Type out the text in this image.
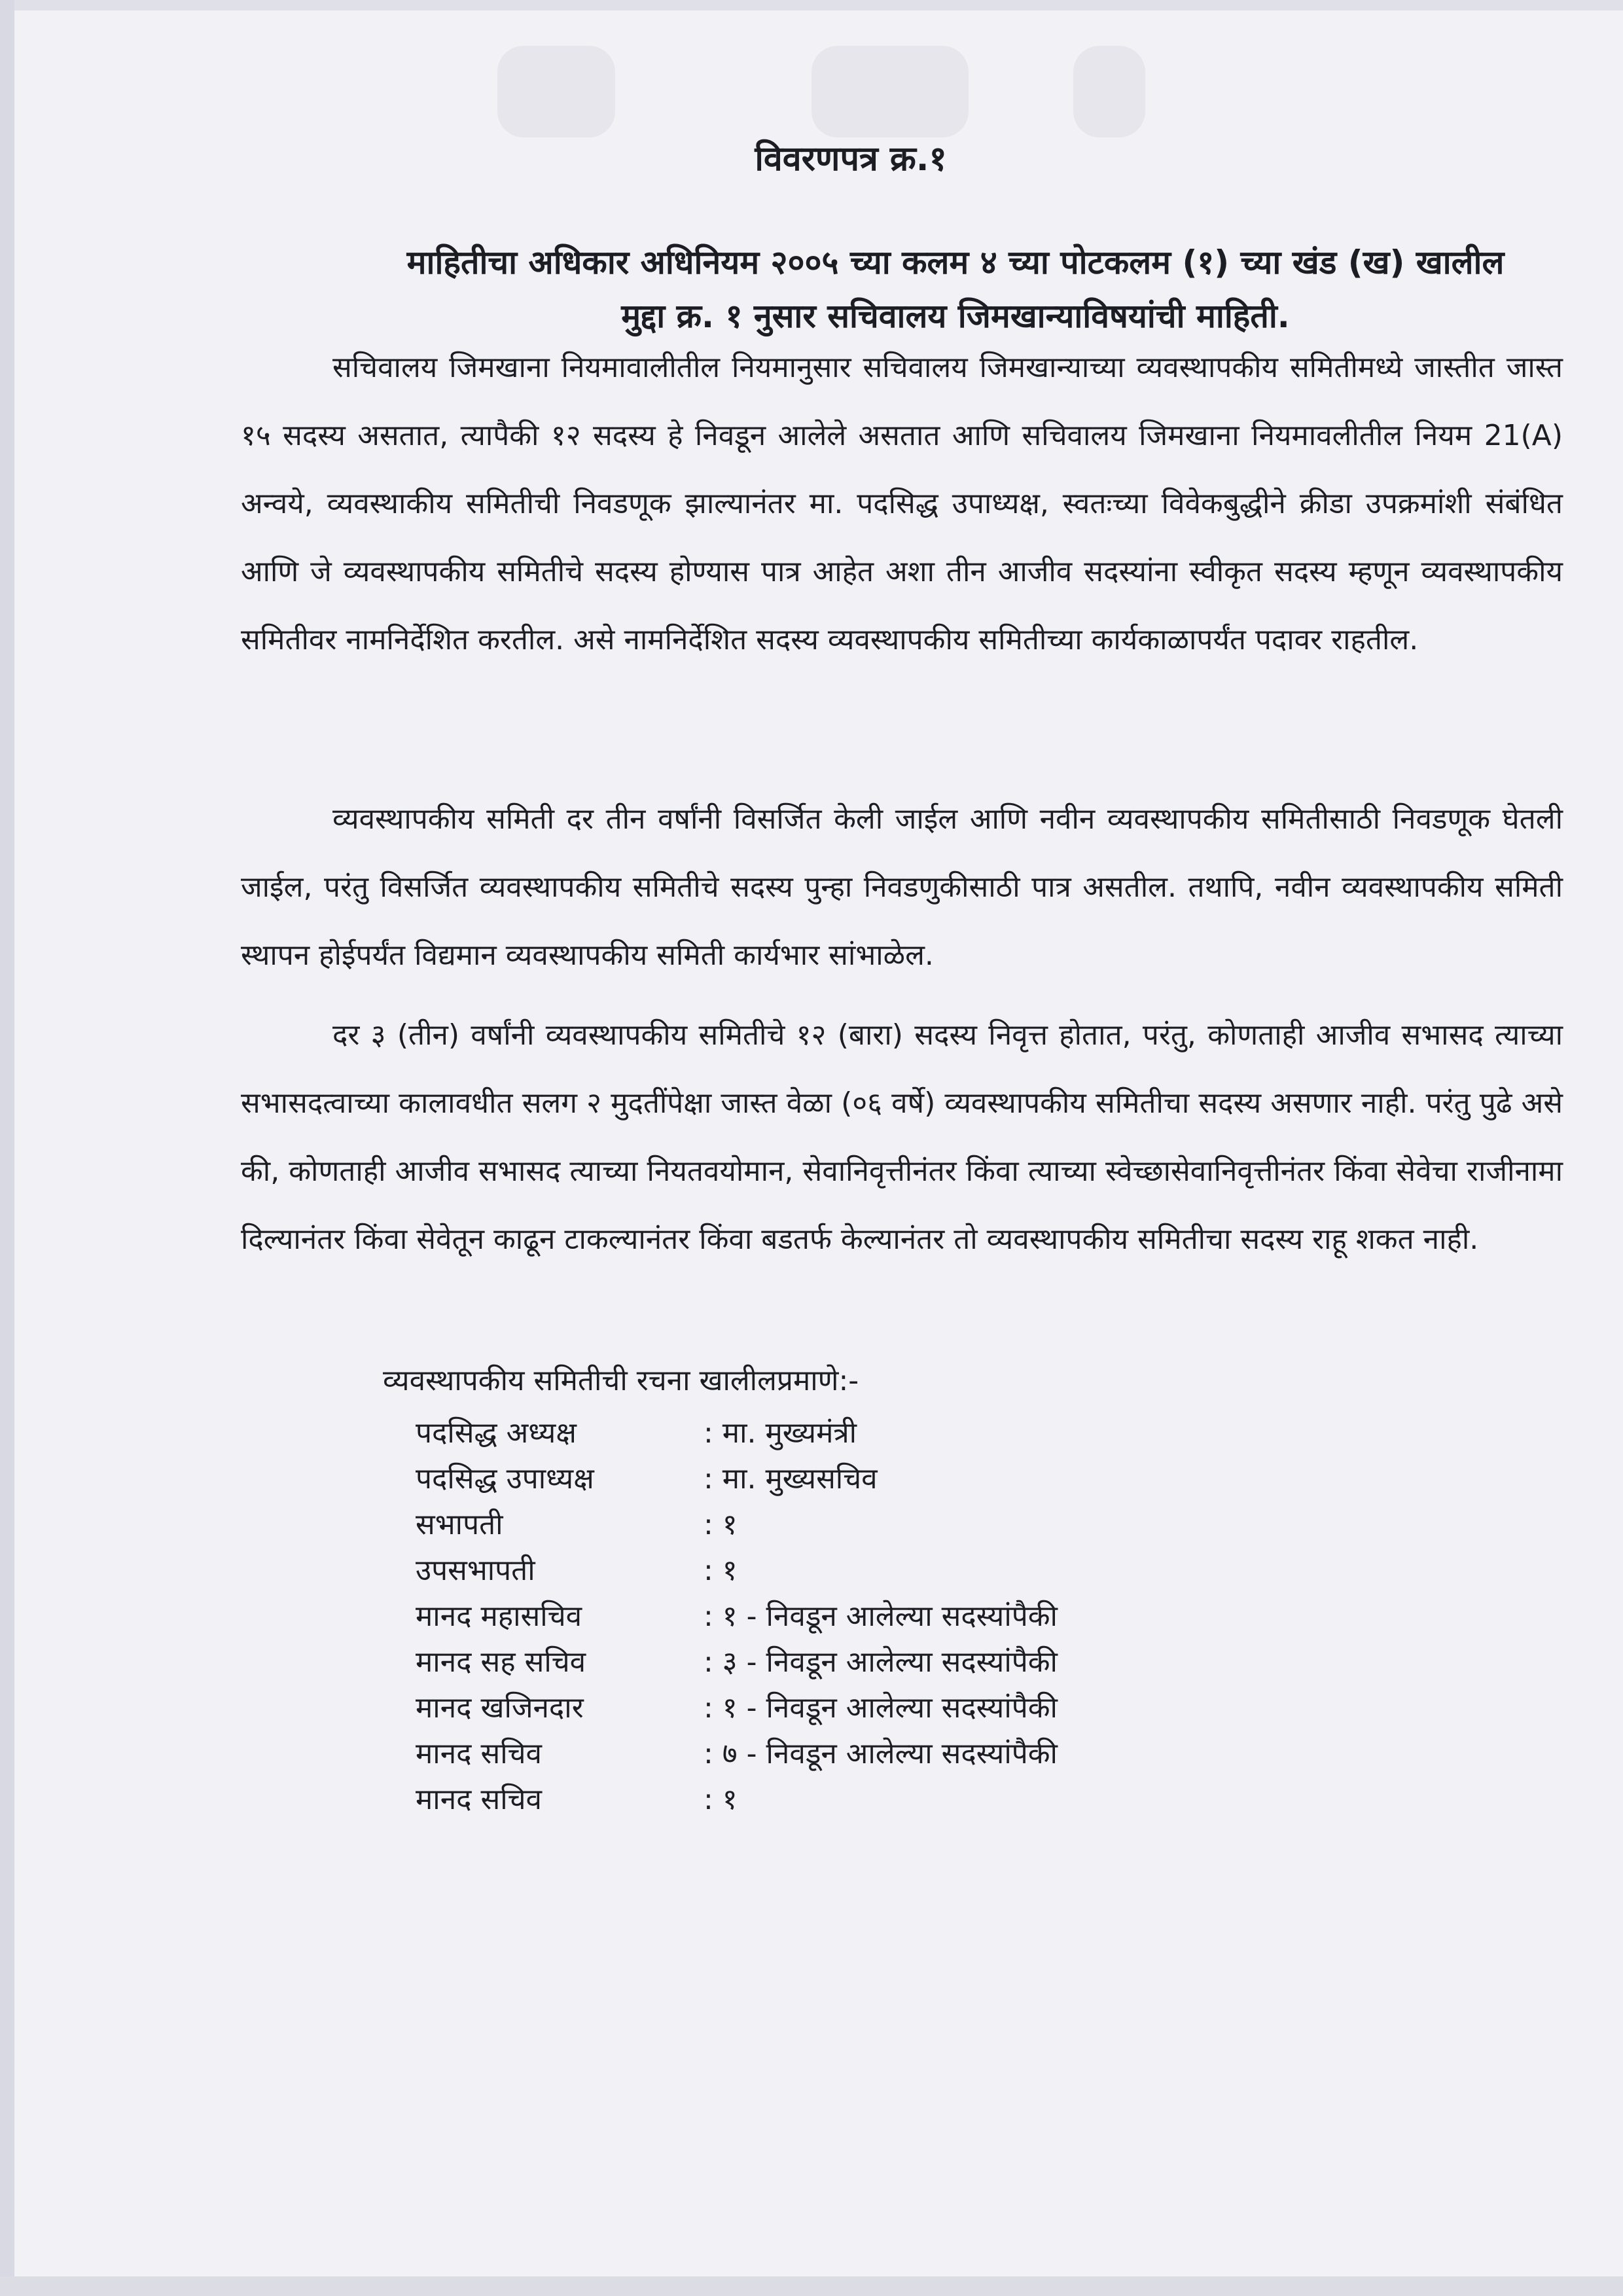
विवरणपत्र क्र.१
माहितीचा अधिकार अधिनियम २००५ च्या कलम ४ च्या पोटकलम (१) च्या खंड (ख) खालील
मुद्दा क्र. १ नुसार सचिवालय जिमखान्याविषयांची माहिती.

सचिवालय जिमखाना नियमावालीतील नियमानुसार सचिवालय जिमखान्याच्या व्यवस्थापकीय समितीमध्ये जास्तीत जास्त १५ सदस्य असतात, त्यापैकी १२ सदस्य हे निवडून आलेले असतात आणि सचिवालय जिमखाना नियमावलीतील नियम 21(A) अन्वये, व्यवस्थाकीय समितीची निवडणूक झाल्यानंतर मा. पदसिद्ध उपाध्यक्ष, स्वतःच्या विवेकबुद्धीने क्रीडा उपक्रमांशी संबंधित आणि जे व्यवस्थापकीय समितीचे सदस्य होण्यास पात्र आहेत अशा तीन आजीव सदस्यांना स्वीकृत सदस्य म्हणून व्यवस्थापकीय समितीवर नामनिर्देशित करतील. असे नामनिर्देशित सदस्य व्यवस्थापकीय समितीच्या कार्यकाळापर्यंत पदावर राहतील.

व्यवस्थापकीय समिती दर तीन वर्षांनी विसर्जित केली जाईल आणि नवीन व्यवस्थापकीय समितीसाठी निवडणूक घेतली जाईल, परंतु विसर्जित व्यवस्थापकीय समितीचे सदस्य पुन्हा निवडणुकीसाठी पात्र असतील. तथापि, नवीन व्यवस्थापकीय समिती स्थापन होईपर्यंत विद्यमान व्यवस्थापकीय समिती कार्यभार सांभाळेल.

दर ३ (तीन) वर्षांनी व्यवस्थापकीय समितीचे १२ (बारा) सदस्य निवृत्त होतात, परंतु, कोणताही आजीव सभासद त्याच्या सभासदत्वाच्या कालावधीत सलग २ मुदतींपेक्षा जास्त वेळा (०६ वर्षे) व्यवस्थापकीय समितीचा सदस्य असणार नाही. परंतु पुढे असे की, कोणताही आजीव सभासद त्याच्या नियतवयोमान, सेवानिवृत्तीनंतर किंवा त्याच्या स्वेच्छासेवानिवृत्तीनंतर किंवा सेवेचा राजीनामा दिल्यानंतर किंवा सेवेतून काढून टाकल्यानंतर किंवा बडतर्फ केल्यानंतर तो व्यवस्थापकीय समितीचा सदस्य राहू शकत नाही.

व्यवस्थापकीय समितीची रचना खालीलप्रमाणे:-

पदसिद्ध अध्यक्ष	: मा. मुख्यमंत्री
पदसिद्ध उपाध्यक्ष	: मा. मुख्यसचिव
सभापती	: १
उपसभापती	: १
मानद महासचिव	: १ - निवडून आलेल्या सदस्यांपैकी
मानद सह सचिव	: ३ - निवडून आलेल्या सदस्यांपैकी
मानद खजिनदार	: १ - निवडून आलेल्या सदस्यांपैकी
मानद सचिव	: ७ - निवडून आलेल्या सदस्यांपैकी
मानद सचिव	: १
